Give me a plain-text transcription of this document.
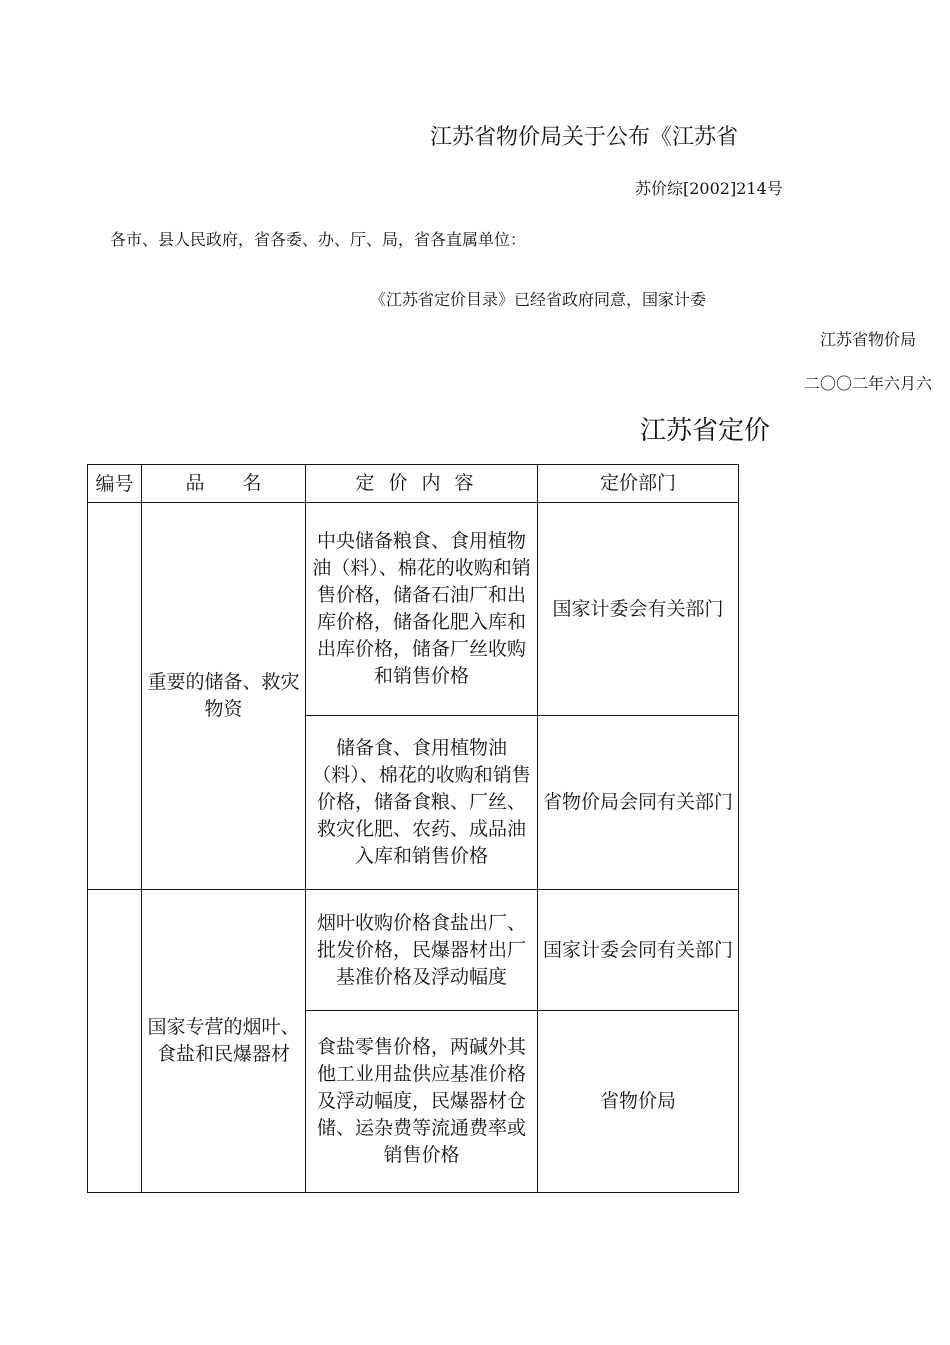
江苏省物价局关于公布《江苏省
苏价综[2002]214号
各市、县人民政府，省各委、办、厅、局，省各直属单位：
《江苏省定价目录》已经省政府同意，国家计委
江苏省物价局
二〇〇二年六月六
江苏省定价
编号	品　　名	定价内容	定价部门
	重要的储备、救灾物资	中央储备粮食、食用植物油（料）、棉花的收购和销售价格，储备石油厂和出库价格，储备化肥入库和出库价格，储备厂丝收购和销售价格	国家计委会有关部门
		储备食、食用植物油（料）、棉花的收购和销售价格，储备食粮、厂丝、救灾化肥、农药、成品油入库和销售价格	省物价局会同有关部门
	国家专营的烟叶、食盐和民爆器材	烟叶收购价格食盐出厂、批发价格，民爆器材出厂基准价格及浮动幅度	国家计委会同有关部门
		食盐零售价格，两碱外其他工业用盐供应基准价格及浮动幅度，民爆器材仓储、运杂费等流通费率或销售价格	省物价局
